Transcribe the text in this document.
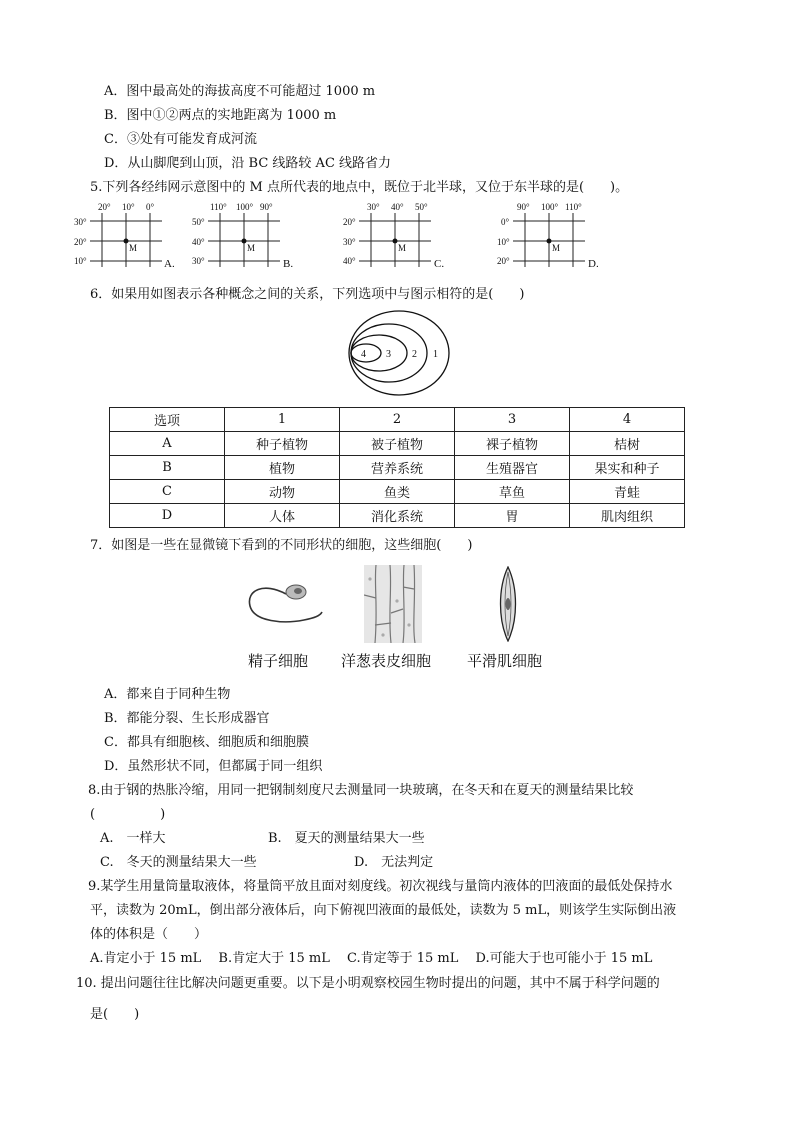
A．图中最高处的海拔高度不可能超过 1000 m
B．图中①②两点的实地距离为 1000 m
C．③处有可能发育成河流
D．从山脚爬到山顶，沿 BC 线路较 AC 线路省力
5.下列各经纬网示意图中的 M 点所代表的地点中，既位于北半球，又位于东半球的是(　　)。
20° 10° 0°
30°
20°
10°
M
A.
110° 100° 90°
50°
40°
30°
M
B.
30° 40° 50°
20°
30°
40°
M
C.
90° 100° 110°
0°
10°
20°
M
D.
6．如果用如图表示各种概念之间的关系，下列选项中与图示相符的是(　　)
4 3 2 1
选项	1	2	3	4
A	种子植物	被子植物	裸子植物	桔树
B	植物	营养系统	生殖器官	果实和种子
C	动物	鱼类	草鱼	青蛙
D	人体	消化系统	胃	肌肉组织
7．如图是一些在显微镜下看到的不同形状的细胞，这些细胞(　　)
精子细胞 洋葱表皮细胞 平滑肌细胞
A．都来自于同种生物
B．都能分裂、生长形成器官
C．都具有细胞核、细胞质和细胞膜
D．虽然形状不同，但都属于同一组织
8.由于钢的热胀冷缩，用同一把钢制刻度尺去测量同一块玻璃，在冬天和在夏天的测量结果比较
(　　　　　)
A.　一样大	B.　夏天的测量结果大一些
C.　冬天的测量结果大一些	D.　无法判定
9.某学生用量筒量取液体，将量筒平放且面对刻度线。初次视线与量筒内液体的凹液面的最低处保持水
平，读数为 20mL，倒出部分液体后，向下俯视凹液面的最低处，读数为 5 mL，则该学生实际倒出液
体的体积是（　　）
A.肯定小于 15 mL　 B.肯定大于 15 mL　 C.肯定等于 15 mL　 D.可能大于也可能小于 15 mL
10. 提出问题往往比解决问题更重要。以下是小明观察校园生物时提出的问题，其中不属于科学问题的
是(　　)
